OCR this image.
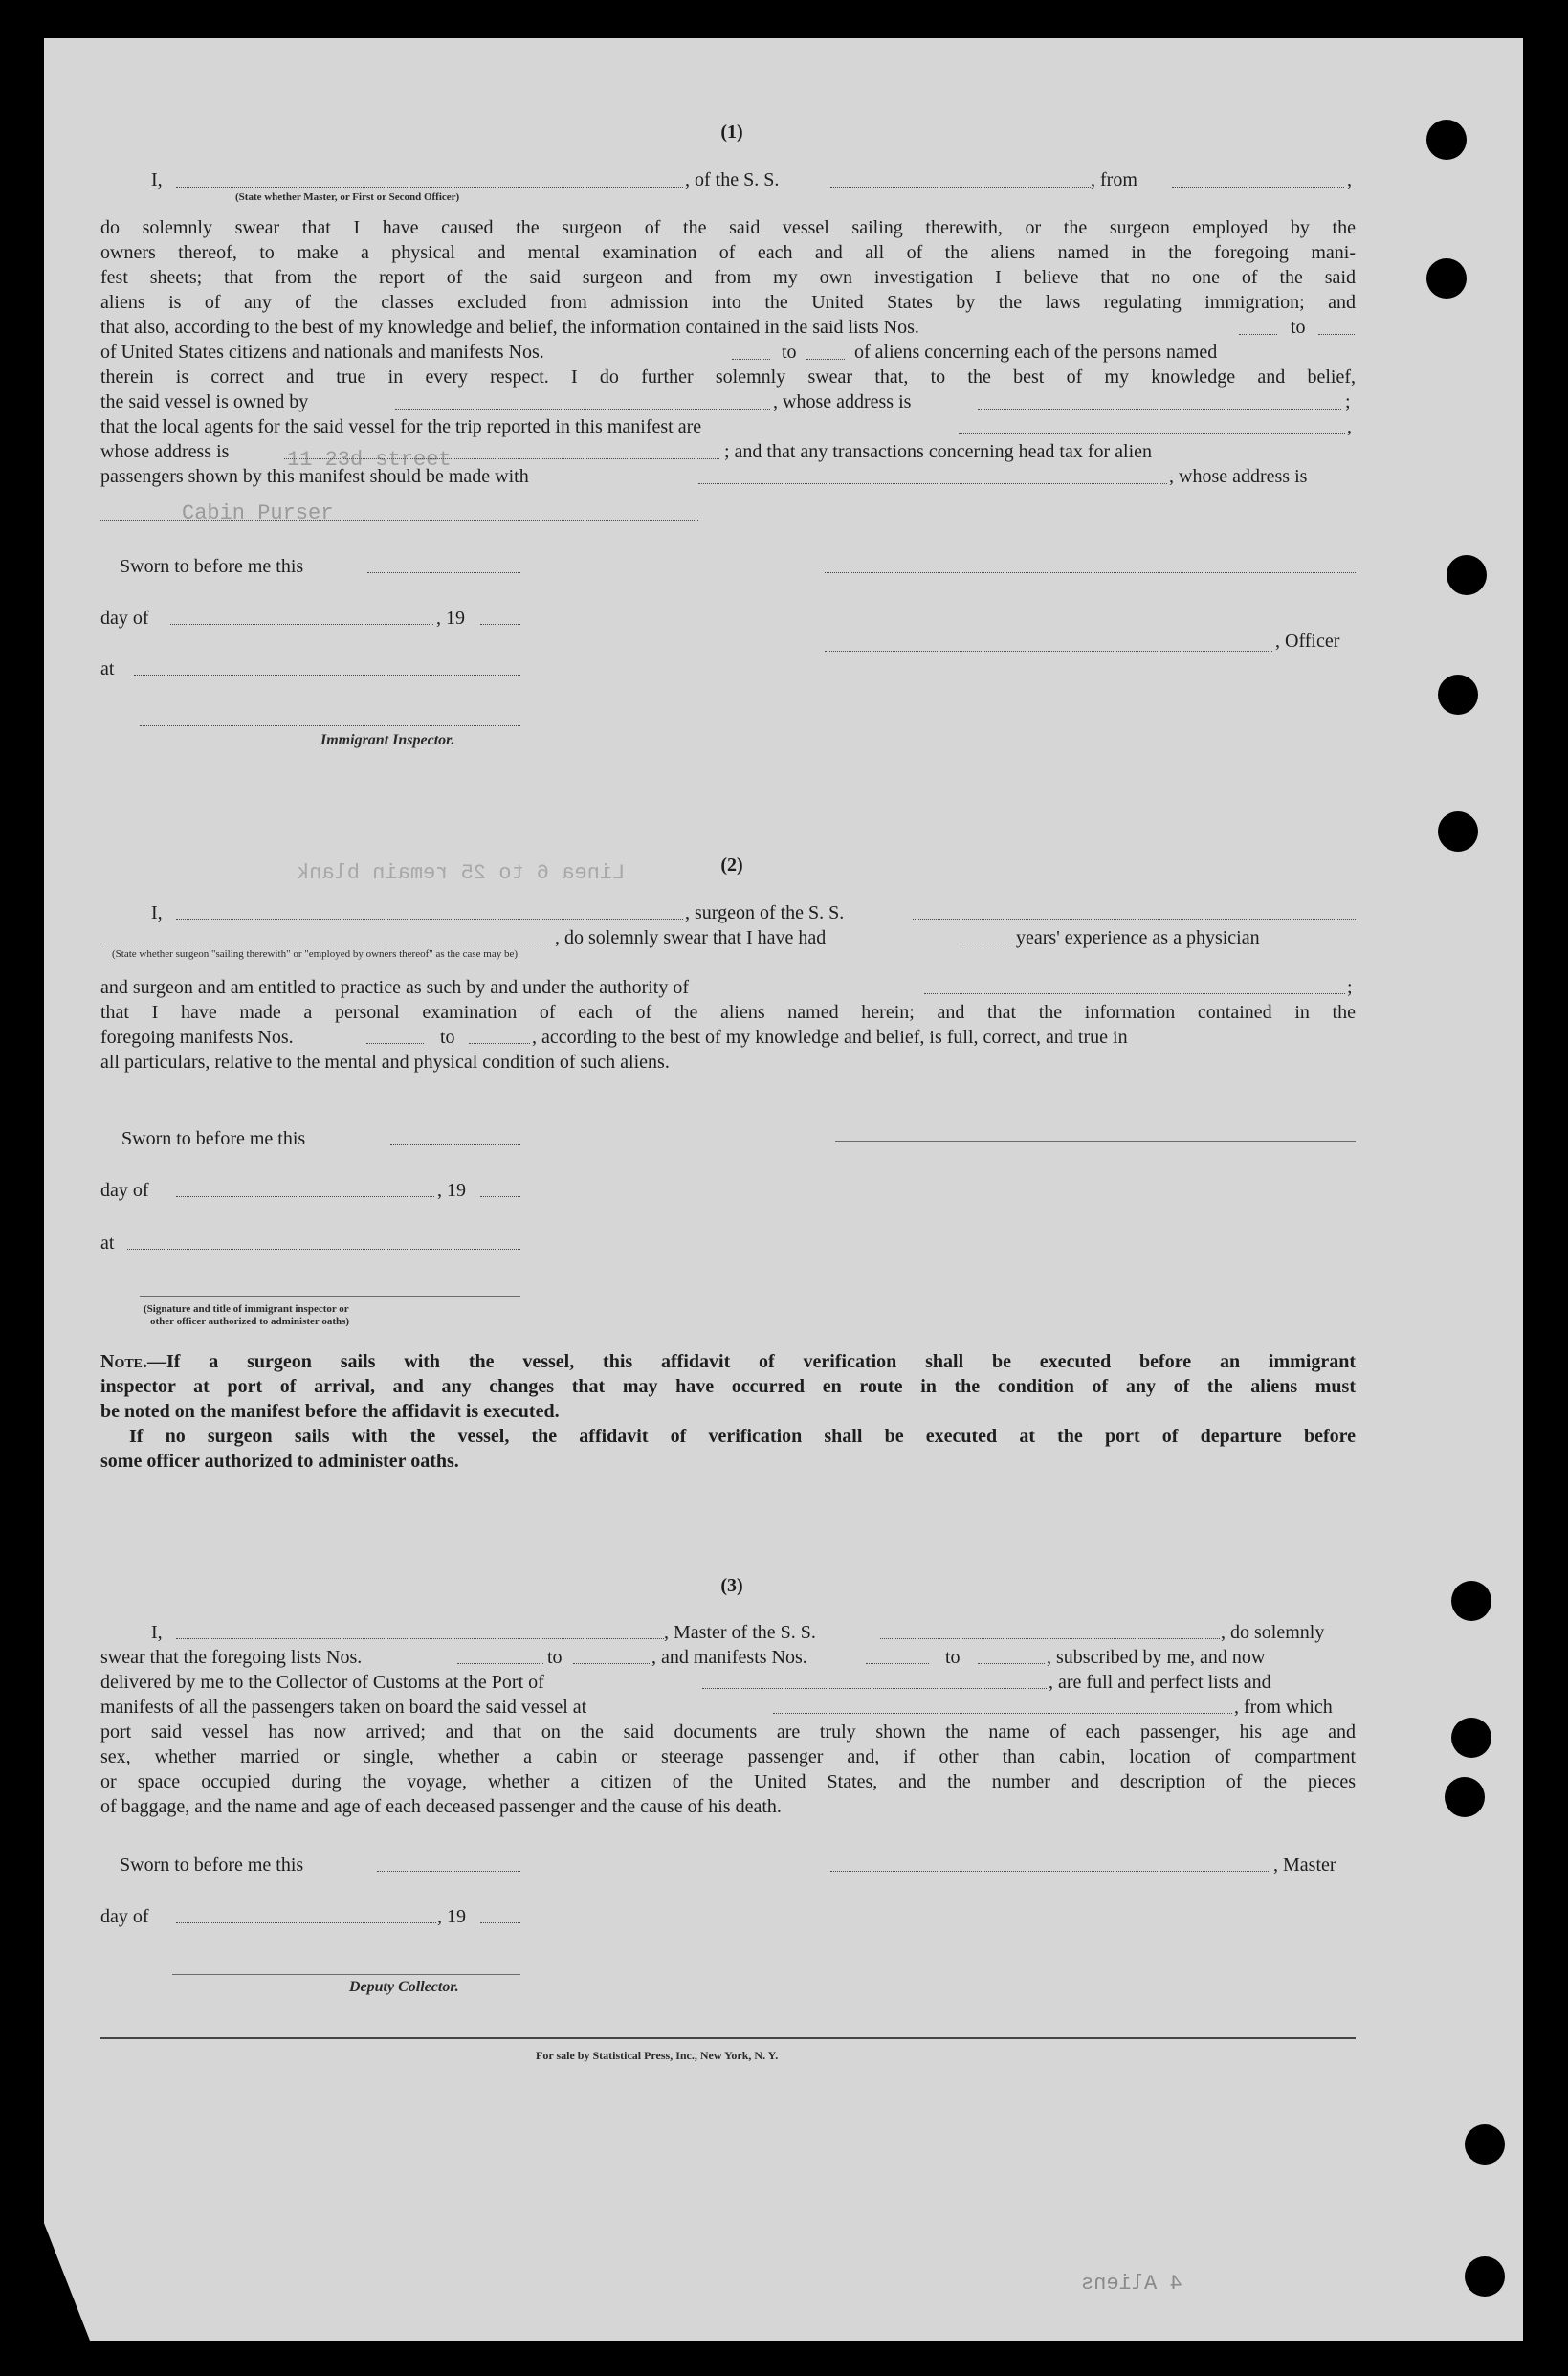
Linea 6 to 25 remain blank
Cabin Purser
11 23d street
4 Aliens
(1)
I,	, of the S. S.	, from	,
(State whether Master, or First or Second Officer)
do solemnly swear that I have caused the surgeon of the said vessel sailing therewith, or the surgeon employed by the
owners thereof, to make a physical and mental examination of each and all of the aliens named in the foregoing mani-
fest sheets; that from the report of the said surgeon and from my own investigation I believe that no one of the said
aliens is of any of the classes excluded from admission into the United States by the laws regulating immigration; and
that also, according to the best of my knowledge and belief, the information contained in the said lists Nos.	to
of United States citizens and nationals and manifests Nos.	to	of aliens concerning each of the persons named
therein is correct and true in every respect. I do further solemnly swear that, to the best of my knowledge and belief,
the said vessel is owned by	, whose address is	;
that the local agents for the said vessel for the trip reported in this manifest are	,
whose address is	; and that any transactions concerning head tax for alien
passengers shown by this manifest should be made with	, whose address is
Sworn to before me this
day of	, 19
at
Immigrant Inspector.
, Officer
(2)
I,	, surgeon of the S. S.
, do solemnly swear that I have had	years' experience as a physician
(State whether surgeon "sailing therewith" or "employed by owners thereof" as the case may be)
and surgeon and am entitled to practice as such by and under the authority of	;
that I have made a personal examination of each of the aliens named herein; and that the information contained in the
foregoing manifests Nos.	to	, according to the best of my knowledge and belief, is full, correct, and true in
all particulars, relative to the mental and physical condition of such aliens.
Sworn to before me this
day of	, 19
at
(Signature and title of immigrant inspector or
other officer authorized to administer oaths)
Note.—If a surgeon sails with the vessel, this affidavit of verification shall be executed before an immigrant
inspector at port of arrival, and any changes that may have occurred en route in the condition of any of the aliens must
be noted on the manifest before the affidavit is executed.
If no surgeon sails with the vessel, the affidavit of verification shall be executed at the port of departure before
some officer authorized to administer oaths.
(3)
I,	, Master of the S. S.	, do solemnly
swear that the foregoing lists Nos.	to	, and manifests Nos.	to	, subscribed by me, and now
delivered by me to the Collector of Customs at the Port of	, are full and perfect lists and
manifests of all the passengers taken on board the said vessel at	, from which
port said vessel has now arrived; and that on the said documents are truly shown the name of each passenger, his age and
sex, whether married or single, whether a cabin or steerage passenger and, if other than cabin, location of compartment
or space occupied during the voyage, whether a citizen of the United States, and the number and description of the pieces
of baggage, and the name and age of each deceased passenger and the cause of his death.
Sworn to before me this	, Master
day of	, 19
Deputy Collector.
For sale by Statistical Press, Inc., New York, N. Y.
